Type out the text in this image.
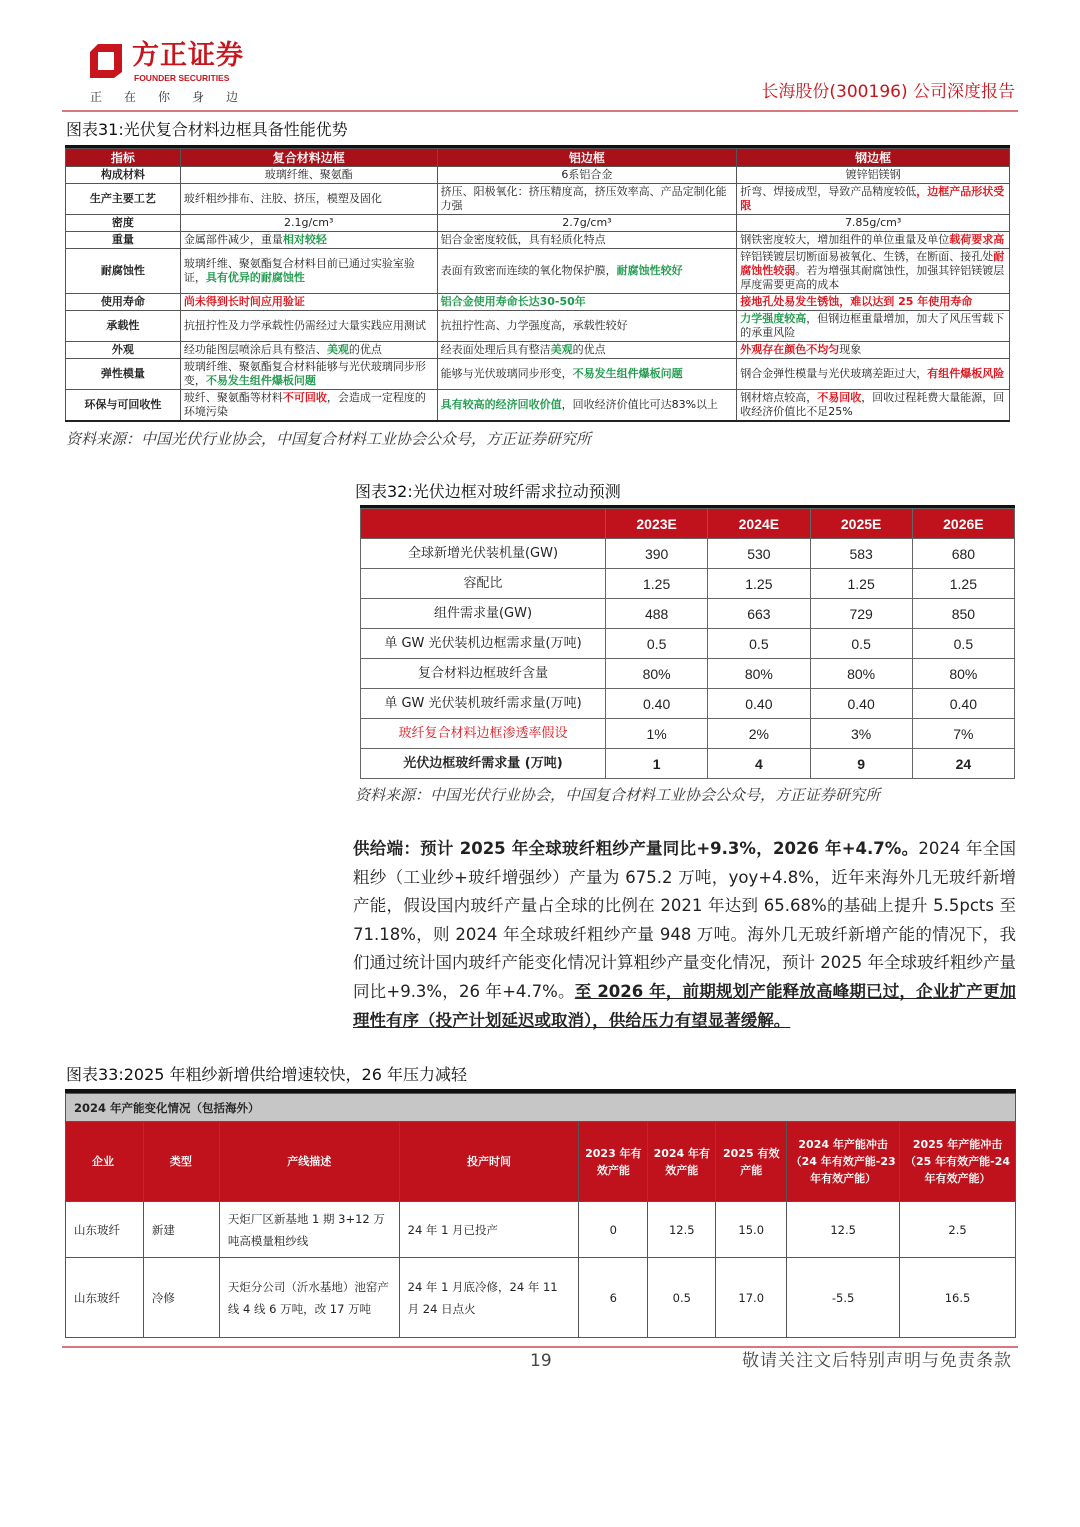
方正证券
FOUNDER SECURITIES
正在你身边	长海股份(300196) 公司深度报告
图表31:光伏复合材料边框具备性能优势
指标	复合材料边框	铝边框	钢边框
构成材料	玻璃纤维、聚氨酯	6系铝合金	镀锌铝镁钢
生产主要工艺	玻纤粗纱排布、注胶、挤压，模塑及固化	挤压、阳极氧化：挤压精度高，挤压效率高、产品定制化能力强	折弯、焊接成型，导致产品精度较低，边框产品形状受限
密度	2.1g/cm³	2.7g/cm³	7.85g/cm³
重量	金属部件减少，重量相对较轻	铝合金密度较低，具有轻质化特点	钢铁密度较大，增加组件的单位重量及单位载荷要求高
耐腐蚀性	玻璃纤维、聚氨酯复合材料目前已通过实验室验证，具有优异的耐腐蚀性	表面有致密而连续的氧化物保护膜，耐腐蚀性较好	锌铝镁镀层切断面易被氧化、生锈，在断面、接孔处耐腐蚀性较弱。若为增强其耐腐蚀性，加强其锌铝镁镀层厚度需要更高的成本
使用寿命	尚未得到长时间应用验证	铝合金使用寿命长达30-50年	接地孔处易发生锈蚀，难以达到 25 年使用寿命
承载性	抗扭拧性及力学承载性仍需经过大量实践应用测试	抗扭拧性高、力学强度高，承载性较好	力学强度较高，但钢边框重量增加，加大了风压雪载下的承重风险
外观	经功能图层喷涂后具有整洁、美观的优点	经表面处理后具有整洁美观的优点	外观存在颜色不均匀现象
弹性模量	玻璃纤维、聚氨酯复合材料能够与光伏玻璃同步形变，不易发生组件爆板问题	能够与光伏玻璃同步形变，不易发生组件爆板问题	钢合金弹性模量与光伏玻璃差距过大，有组件爆板风险
环保与可回收性	玻纤、聚氨酯等材料不可回收，会造成一定程度的环境污染	具有较高的经济回收价值，回收经济价值比可达83%以上	钢材熔点较高，不易回收，回收过程耗费大量能源，回收经济价值比不足25%
资料来源：中国光伏行业协会，中国复合材料工业协会公众号，方正证券研究所
图表32:光伏边框对玻纤需求拉动预测
	2023E	2024E	2025E	2026E
全球新增光伏装机量(GW)	390	530	583	680
容配比	1.25	1.25	1.25	1.25
组件需求量(GW)	488	663	729	850
单 GW 光伏装机边框需求量(万吨)	0.5	0.5	0.5	0.5
复合材料边框玻纤含量	80%	80%	80%	80%
单 GW 光伏装机玻纤需求量(万吨)	0.40	0.40	0.40	0.40
玻纤复合材料边框渗透率假设	1%	2%	3%	7%
光伏边框玻纤需求量 (万吨)	1	4	9	24
资料来源：中国光伏行业协会，中国复合材料工业协会公众号，方正证券研究所
供给端：预计 2025 年全球玻纤粗纱产量同比+9.3%，2026 年+4.7%。2024 年全国粗纱（工业纱+玻纤增强纱）产量为 675.2 万吨，yoy+4.8%，近年来海外几无玻纤新增产能，假设国内玻纤产量占全球的比例在 2021 年达到 65.68%的基础上提升 5.5pcts 至 71.18%，则 2024 年全球玻纤粗纱产量 948 万吨。海外几无玻纤新增产能的情况下，我们通过统计国内玻纤产能变化情况计算粗纱产量变化情况，预计 2025 年全球玻纤粗纱产量同比+9.3%，26 年+4.7%。至 2026 年，前期规划产能释放高峰期已过，企业扩产更加理性有序（投产计划延迟或取消），供给压力有望显著缓解。
图表33:2025 年粗纱新增供给增速较快，26 年压力减轻
2024 年产能变化情况（包括海外）								
企业	类型	产线描述	投产时间	2023 年有效产能	2024 年有效产能	2025 有效产能	2024 年产能冲击（24 年有效产能-23 年有效产能）	2025 年产能冲击（25 年有效产能-24 年有效产能）
山东玻纤	新建	天炬厂区新基地 1 期 3+12 万吨高模量粗纱线	24 年 1 月已投产	0	12.5	15.0	12.5	2.5
山东玻纤	冷修	天炬分公司（沂水基地）池窑产线 4 线 6 万吨，改 17 万吨	24 年 1 月底冷修，24 年 11 月 24 日点火	6	0.5	17.0	-5.5	16.5
19	敬请关注文后特别声明与免责条款
